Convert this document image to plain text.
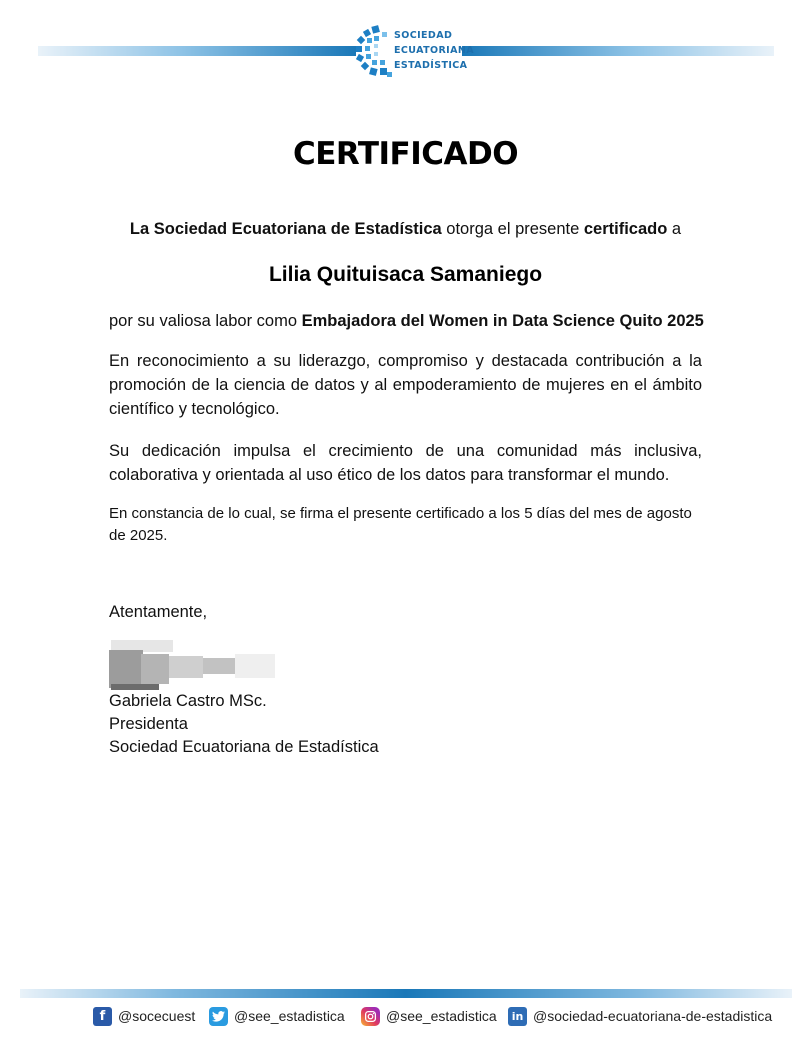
SOCIEDAD
ECUATORIANA
ESTADÍSTICA
CERTIFICADO
La Sociedad Ecuatoriana de Estadística otorga el presente certificado a
Lilia Quituisaca Samaniego
por su valiosa labor como Embajadora del Women in Data Science Quito 2025
En reconocimiento a su liderazgo, compromiso y destacada contribución a la promoción de la ciencia de datos y al empoderamiento de mujeres en el ámbito científico y tecnológico.
Su dedicación impulsa el crecimiento de una comunidad más inclusiva, colaborativa y orientada al uso ético de los datos para transformar el mundo.
En constancia de lo cual, se firma el presente certificado a los 5 días del mes de agosto de 2025.
Atentamente,
Gabriela Castro MSc.
Presidenta
Sociedad Ecuatoriana de Estadística
f @socecuest	@see_estadistica	@see_estadistica	in @sociedad-ecuatoriana-de-estadistica
